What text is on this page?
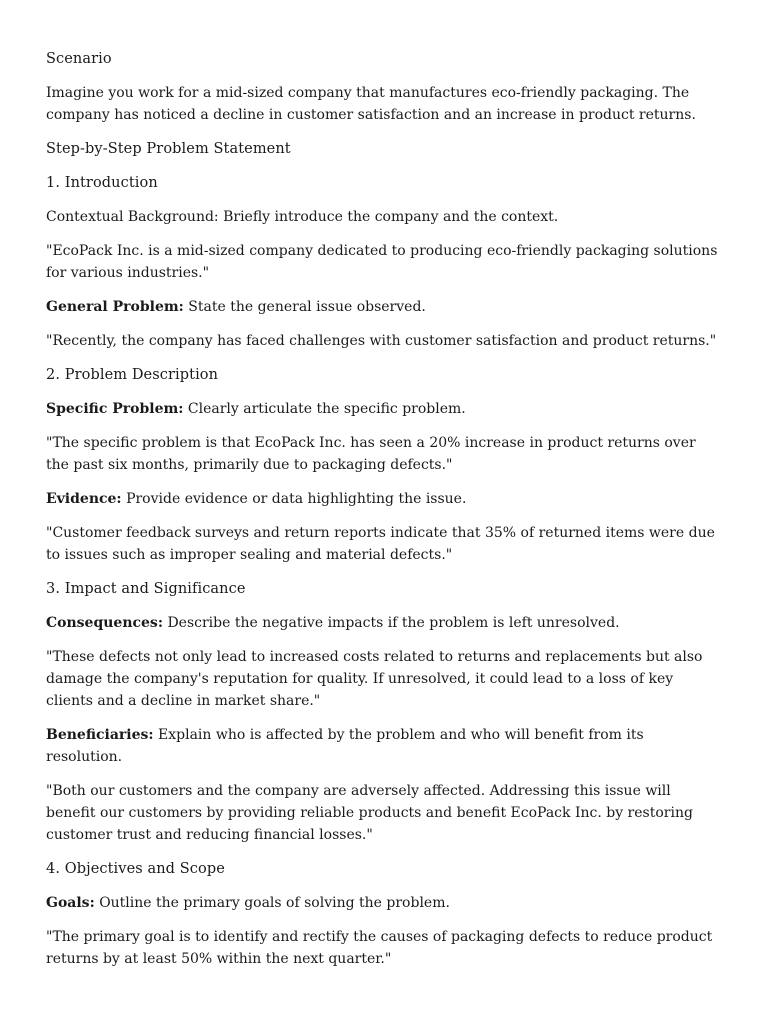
Scenario

Imagine you work for a mid-sized company that manufactures eco-friendly packaging. The company has noticed a decline in customer satisfaction and an increase in product returns.

Step-by-Step Problem Statement

1. Introduction

Contextual Background: Briefly introduce the company and the context.

"EcoPack Inc. is a mid-sized company dedicated to producing eco-friendly packaging solutions for various industries."

General Problem: State the general issue observed.

"Recently, the company has faced challenges with customer satisfaction and product returns."

2. Problem Description

Specific Problem: Clearly articulate the specific problem.

"The specific problem is that EcoPack Inc. has seen a 20% increase in product returns over the past six months, primarily due to packaging defects."

Evidence: Provide evidence or data highlighting the issue.

"Customer feedback surveys and return reports indicate that 35% of returned items were due to issues such as improper sealing and material defects."

3. Impact and Significance

Consequences: Describe the negative impacts if the problem is left unresolved.

"These defects not only lead to increased costs related to returns and replacements but also damage the company's reputation for quality. If unresolved, it could lead to a loss of key clients and a decline in market share."

Beneficiaries: Explain who is affected by the problem and who will benefit from its resolution.

"Both our customers and the company are adversely affected. Addressing this issue will benefit our customers by providing reliable products and benefit EcoPack Inc. by restoring customer trust and reducing financial losses."

4. Objectives and Scope

Goals: Outline the primary goals of solving the problem.

"The primary goal is to identify and rectify the causes of packaging defects to reduce product returns by at least 50% within the next quarter."
